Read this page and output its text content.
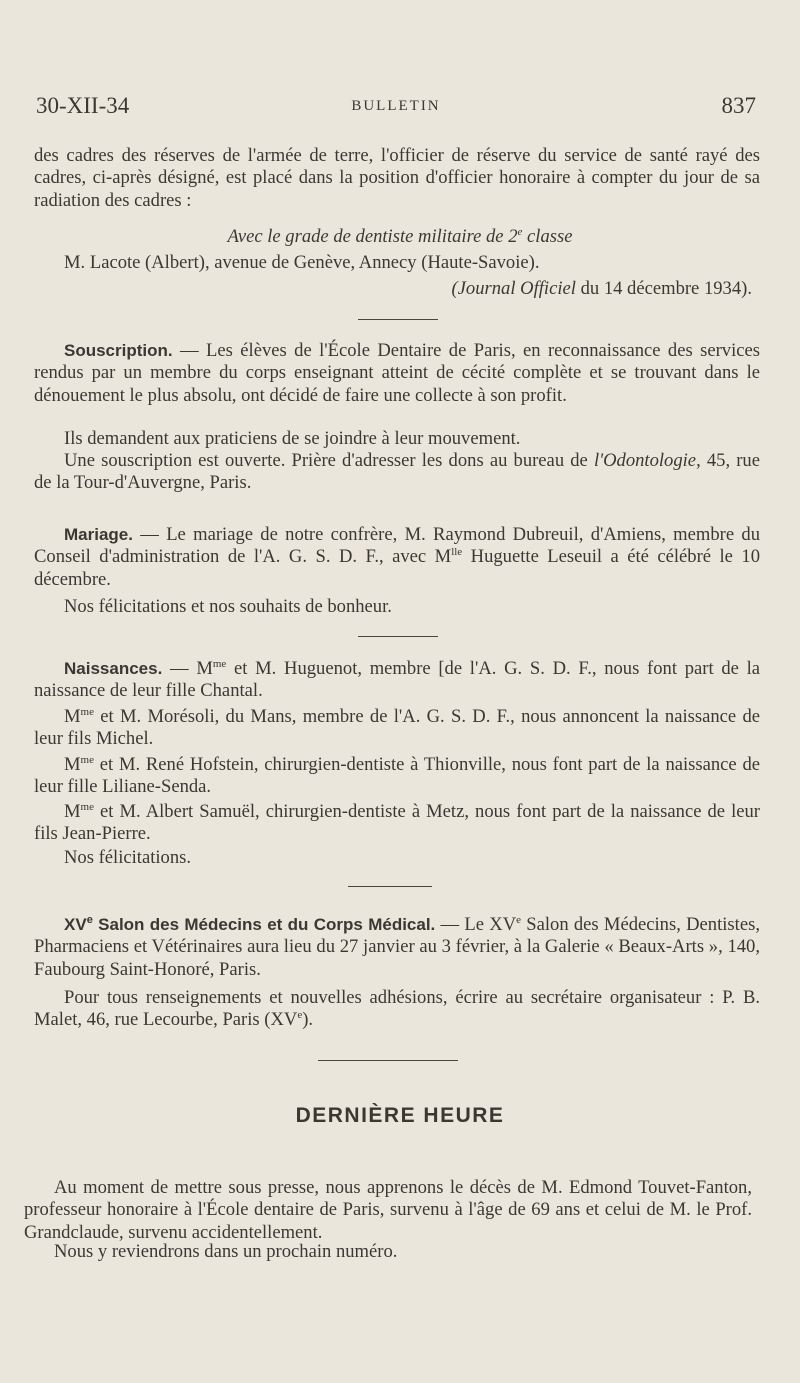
30-XII-34	BULLETIN	837
des cadres des réserves de l'armée de terre, l'officier de réserve du service de santé rayé des cadres, ci-après désigné, est placé dans la position d'officier honoraire à compter du jour de sa radiation des cadres :
Avec le grade de dentiste militaire de 2e classe
M. Lacote (Albert), avenue de Genève, Annecy (Haute-Savoie).
(Journal Officiel du 14 décembre 1934).
Souscription. — Les élèves de l'École Dentaire de Paris, en reconnaissance des services rendus par un membre du corps enseignant atteint de cécité complète et se trouvant dans le dénouement le plus absolu, ont décidé de faire une collecte à son profit.
Ils demandent aux praticiens de se joindre à leur mouvement.
Une souscription est ouverte. Prière d'adresser les dons au bureau de l'Odontologie, 45, rue de la Tour-d'Auvergne, Paris.
Mariage. — Le mariage de notre confrère, M. Raymond Dubreuil, d'Amiens, membre du Conseil d'administration de l'A. G. S. D. F., avec $M^{lle}$ Huguette Leseuil a été célébré le 10 décembre.
Nos félicitations et nos souhaits de bonheur.
Naissances. — $M^{me}$ et M. Huguenot, membre [de l'A. G. S. D. F., nous font part de la naissance de leur fille Chantal.
$M^{me}$ et M. Morésoli, du Mans, membre de l'A. G. S. D. F., nous annoncent la naissance de leur fils Michel.
$M^{me}$ et M. René Hofstein, chirurgien-dentiste à Thionville, nous font part de la naissance de leur fille Liliane-Senda.
$M^{me}$ et M. Albert Samuël, chirurgien-dentiste à Metz, nous font part de la naissance de leur fils Jean-Pierre.
Nos félicitations.
XVe Salon des Médecins et du Corps Médical. — Le XVe Salon des Médecins, Dentistes, Pharmaciens et Vétérinaires aura lieu du 27 janvier au 3 février, à la Galerie « Beaux-Arts », 140, Faubourg Saint-Honoré, Paris.
Pour tous renseignements et nouvelles adhésions, écrire au secrétaire organisateur : P. B. Malet, 46, rue Lecourbe, Paris (XVe).
DERNIÈRE HEURE
Au moment de mettre sous presse, nous apprenons le décès de M. Edmond Touvet-Fanton, professeur honoraire à l'École dentaire de Paris, survenu à l'âge de 69 ans et celui de M. le Prof. Grandclaude, survenu accidentellement.
Nous y reviendrons dans un prochain numéro.
